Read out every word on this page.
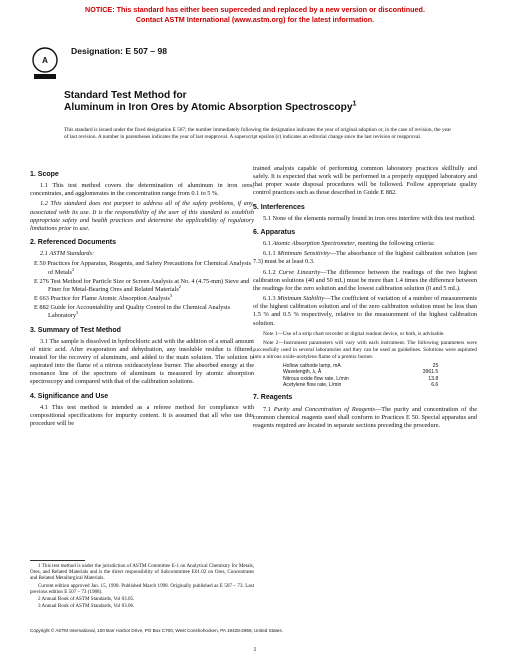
NOTICE: This standard has either been superceded and replaced by a new version or discontinued.
Contact ASTM International (www.astm.org) for the latest information.
A
Designation: E 507 – 98
Standard Test Method for
Aluminum in Iron Ores by Atomic Absorption Spectroscopy$^1$
This standard is issued under the fixed designation E 507; the number immediately following the designation indicates the year of original adoption or, in the case of revision, the year of last revision. A number in parentheses indicates the year of last reapproval. A superscript epsilon (ε) indicates an editorial change since the last revision or reapproval.
1. Scope

1.1 This test method covers the determination of aluminum in iron ores, concentrates, and agglomerates in the concentration range from 0.1 to 5 %.

1.2 This standard does not purport to address all of the safety problems, if any, associated with its use. It is the responsibility of the user of this standard to establish appropriate safety and health practices and determine the applicability of regulatory limitations prior to use.

2. Referenced Documents

2.1 ASTM Standards:

E 50 Practices for Apparatus, Reagents, and Safety Precautions for Chemical Analysis of Metals$^2$
E 276 Test Method for Particle Size or Screen Analysis at No. 4 (4.75-mm) Sieve and Finer for Metal-Bearing Ores and Related Materials$^2$
E 663 Practice for Flame Atomic Absorption Analysis$^3$
E 882 Guide for Accountability and Quality Control in the Chemical Analysis Laboratory$^3$
3. Summary of Test Method

3.1 The sample is dissolved in hydrochloric acid with the addition of a small amount of nitric acid. After evaporation and dehydration, any insoluble residue is filtered, treated for the recovery of aluminum, and added to the main solution. The solution is aspirated into the flame of a nitrous oxideacetylene burner. The absorbed energy at the resonance line of the spectrum of aluminum is measured by atomic absorption spectroscopy and compared with that of the calibration solutions.

4. Significance and Use

4.1 This test method is intended as a referee method for compliance with compositional specifications for impurity content. It is assumed that all who use this procedure will be

trained analysts capable of performing common laboratory practices skillfully and safely. It is expected that work will be performed in a properly equipped laboratory and that proper waste disposal procedures will be followed. Follow appropriate quality control practices such as those described in Guide E 882.

5. Interferences

5.1 None of the elements normally found in iron ores interfere with this test method.

6. Apparatus

6.1 Atomic Absorption Spectrometer, meeting the following criteria:

6.1.1 Minimum Sensitivity—The absorbance of the highest calibration solution (see 7.3) must be at least 0.3.

6.1.2 Curve Linearity—The difference between the readings of the two highest calibration solutions (40 and 50 mL) must be more than 1.4 times the difference between the readings for the zero solution and the lowest calibration solution (0 and 5 mL).

6.1.3 Minimum Stability—The coefficient of variation of a number of measurements of the highest calibration solution and of the zero calibration solution must be less than 1.5 % and 0.5 % respectively, relative to the measurement of the highest calibration solution.

Note 1—Use of a strip chart recorder or digital readout device, or both, is advisable.

Note 2—Instrument parameters will vary with each instrument. The following parameters were successfully used in several laboratories and they can be used as guidelines. Solutions were aspirated into a nitrous oxide-acetylene flame of a premix burner.

Hollow cathode lamp, mA	25
Wavelength, λ, Å	3961.5
Nitrous oxide flow rate, L/min	13.8
Acetylene flow rate, L/min	6.6
7. Reagents

7.1 Purity and Concentration of Reagents—The purity and concentration of the common chemical reagents used shall conform to Practices E 50. Special apparatus and reagents required are located in separate sections preceding the procedure.

1 This test method is under the jurisdiction of ASTM Committee E-1 on Analytical Chemistry for Metals, Ores, and Related Materials and is the direct responsibility of Subcommittee E01.02 on Ores, Concentrates and Related Metallurgical Materials.

Current edition approved Jan. 15, 1998. Published March 1998. Originally published as E 507 – 73. Last previous edition E 507 – 73 (1988).

2 Annual Book of ASTM Standards, Vol 03.05.

3 Annual Book of ASTM Standards, Vol 03.06.

Copyright © ASTM International, 100 Barr Harbor Drive, PO Box C700, West Conshohocken, PA 19428-2959, United States.
1
